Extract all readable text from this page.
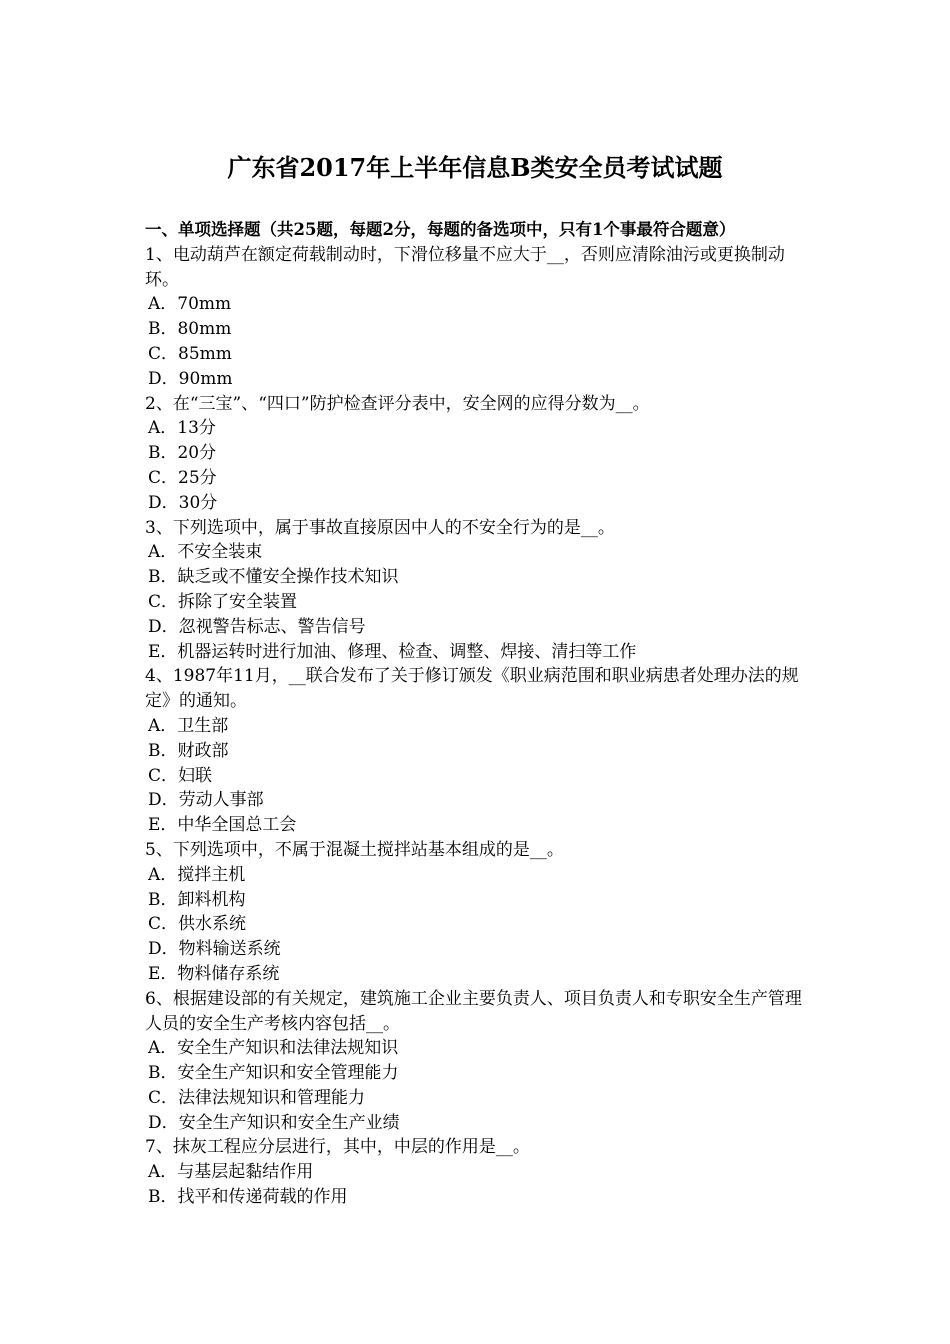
广东省2017年上半年信息B类安全员考试试题
一、单项选择题（共25题，每题2分，每题的备选项中，只有1个事最符合题意）
1、电动葫芦在额定荷载制动时，下滑位移量不应大于__，否则应清除油污或更换制动环。
A．70mm
B．80mm
C．85mm
D．90mm
2、在“三宝”、“四口”防护检查评分表中，安全网的应得分数为__。
A．13分
B．20分
C．25分
D．30分
3、下列选项中，属于事故直接原因中人的不安全行为的是__。
A．不安全装束
B．缺乏或不懂安全操作技术知识
C．拆除了安全装置
D．忽视警告标志、警告信号
E．机器运转时进行加油、修理、检查、调整、焊接、清扫等工作
4、1987年11月，__联合发布了关于修订颁发《职业病范围和职业病患者处理办法的规定》的通知。
A．卫生部
B．财政部
C．妇联
D．劳动人事部
E．中华全国总工会
5、下列选项中，不属于混凝土搅拌站基本组成的是__。
A．搅拌主机
B．卸料机构
C．供水系统
D．物料输送系统
E．物料储存系统
6、根据建设部的有关规定，建筑施工企业主要负责人、项目负责人和专职安全生产管理人员的安全生产考核内容包括__。
A．安全生产知识和法律法规知识
B．安全生产知识和安全管理能力
C．法律法规知识和管理能力
D．安全生产知识和安全生产业绩
7、抹灰工程应分层进行，其中，中层的作用是__。
A．与基层起黏结作用
B．找平和传递荷载的作用
